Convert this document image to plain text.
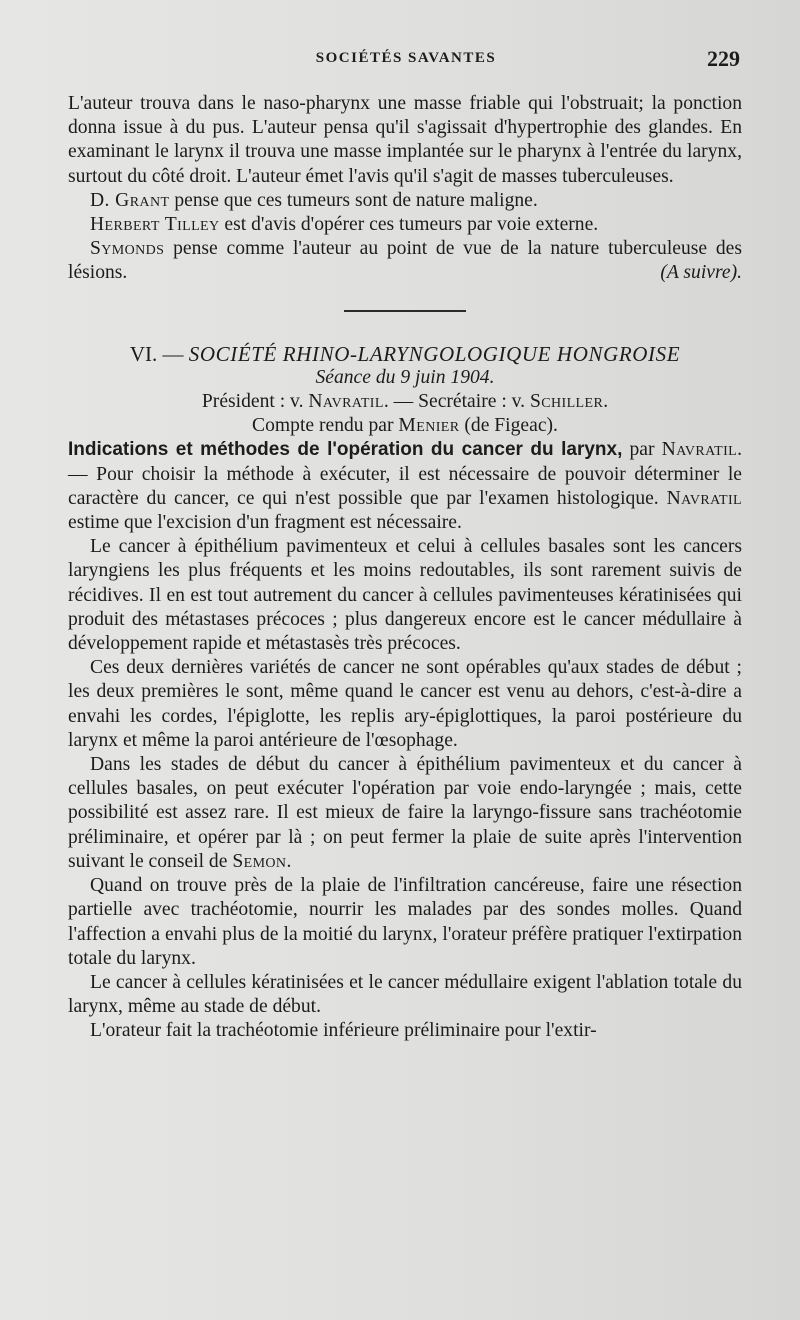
SOCIÉTÉS SAVANTES	229

L'auteur trouva dans le naso-pharynx une masse friable qui l'obstruait; la ponction donna issue à du pus. L'auteur pensa qu'il s'agissait d'hypertrophie des glandes. En examinant le larynx il trouva une masse implantée sur le pharynx à l'entrée du larynx, surtout du côté droit. L'auteur émet l'avis qu'il s'agit de masses tuberculeuses.

D. Grant pense que ces tumeurs sont de nature maligne.

Herbert Tilley est d'avis d'opérer ces tumeurs par voie externe.

Symonds pense comme l'auteur au point de vue de la nature tuberculeuse des lésions.	(A suivre).

VI. — SOCIÉTÉ RHINO-LARYNGOLOGIQUE HONGROISE

Séance du 9 juin 1904.

Président : v. Navratil. — Secrétaire : v. Schiller.

Compte rendu par Menier (de Figeac).

Indications et méthodes de l'opération du cancer du larynx, par Navratil. — Pour choisir la méthode à exécuter, il est nécessaire de pouvoir déterminer le caractère du cancer, ce qui n'est possible que par l'examen histologique. Navratil estime que l'excision d'un fragment est nécessaire.

Le cancer à épithélium pavimenteux et celui à cellules basales sont les cancers laryngiens les plus fréquents et les moins redoutables, ils sont rarement suivis de récidives. Il en est tout autrement du cancer à cellules pavimenteuses kératinisées qui produit des métastases précoces ; plus dangereux encore est le cancer médullaire à développement rapide et métastasès très précoces.

Ces deux dernières variétés de cancer ne sont opérables qu'aux stades de début ; les deux premières le sont, même quand le cancer est venu au dehors, c'est-à-dire a envahi les cordes, l'épiglotte, les replis ary-épiglottiques, la paroi postérieure du larynx et même la paroi antérieure de l'œsophage.

Dans les stades de début du cancer à épithélium pavimenteux et du cancer à cellules basales, on peut exécuter l'opération par voie endo-laryngée ; mais, cette possibilité est assez rare. Il est mieux de faire la laryngo-fissure sans trachéotomie préliminaire, et opérer par là ; on peut fermer la plaie de suite après l'intervention suivant le conseil de Semon.

Quand on trouve près de la plaie de l'infiltration cancéreuse, faire une résection partielle avec trachéotomie, nourrir les malades par des sondes molles. Quand l'affection a envahi plus de la moitié du larynx, l'orateur préfère pratiquer l'extirpation totale du larynx.

Le cancer à cellules kératinisées et le cancer médullaire exigent l'ablation totale du larynx, même au stade de début.

L'orateur fait la trachéotomie inférieure préliminaire pour l'extir-
